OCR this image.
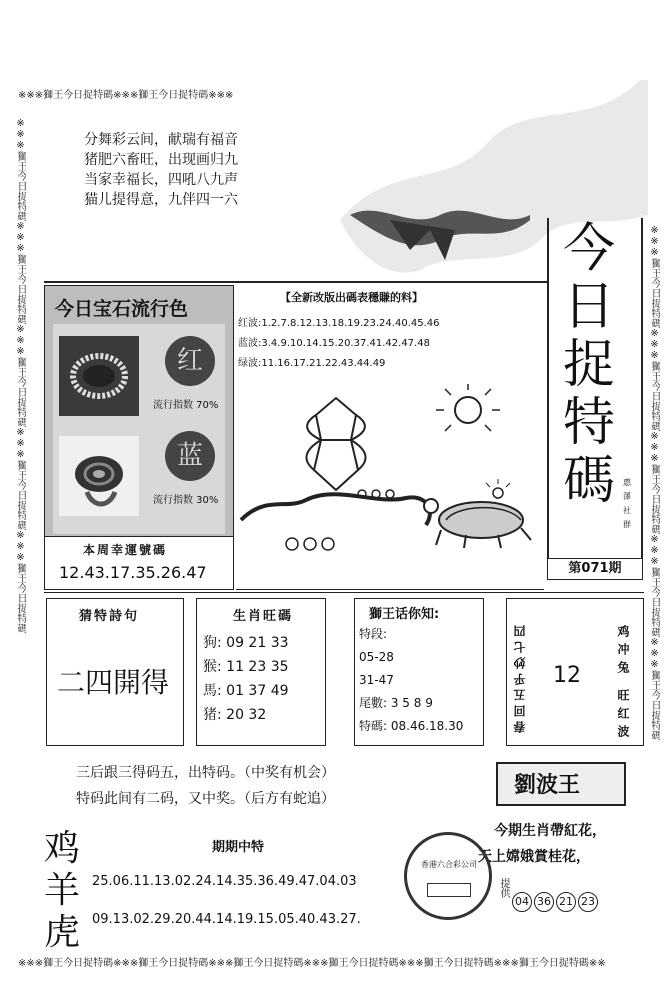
※※※獅王今日捉特碼※※※獅王今日捉特碼※※※
※※※獅王今日捉特碼※※※獅王今日捉特碼※※※獅王今日捉特碼※※※獅王今日捉特碼※※※獅王今日捉特碼	※※※獅王今日捉特碼※※※獅王今日捉特碼※※※獅王今日捉特碼※※※獅王今日捉特碼※※※獅王今日捉特碼
分舞彩云间，献瑞有福音
猪肥六畜旺，出现画归九
当家幸福长，四吼八九声
猫儿提得意，九伴四一六
今
日
捉
特
碼 惠
澤
社
群
第071期
今日宝石流行色
红
流行指数 70%
蓝
流行指数 30%
本周幸運號碼
12.43.17.35.26.47
【全新改版出碼表穩賺的料】
红波:1.2.7.8.12.13.18.19.23.24.40.45.46
蓝波:3.4.9.10.14.15.20.37.41.42.47.48
绿波:11.16.17.21.22.43.44.49
猜特詩句
二四開得
生肖旺碼
狗: 09 21 33
猴: 11 23 35
馬: 01 37 49
猪: 20 32
獅王话你知:
特段:
05-28
31-47
尾數: 3 5 8 9
特碼: 08.46.18.30	春回五乎妙七四 12	鸡冲兔
旺红波
三后跟三得码五，出特码。（中奖有机会）
特码此间有二码，又中奖。（后方有蛇追）
劉波王
今期生肖帶紅花，
天上嫦娥賞桂花，
提供
04 36 21 23
香港六合彩公司
鸡
羊
虎
期期中特
25.06.11.13.02.24.14.35.36.49.47.04.03
09.13.02.29.20.44.14.19.15.05.40.43.27.
※※※獅王今日捉特碼※※※獅王今日捉特碼※※※獅王今日捉特碼※※※獅王今日捉特碼※※※獅王今日捉特碼※※※獅王今日捉特碼※※
